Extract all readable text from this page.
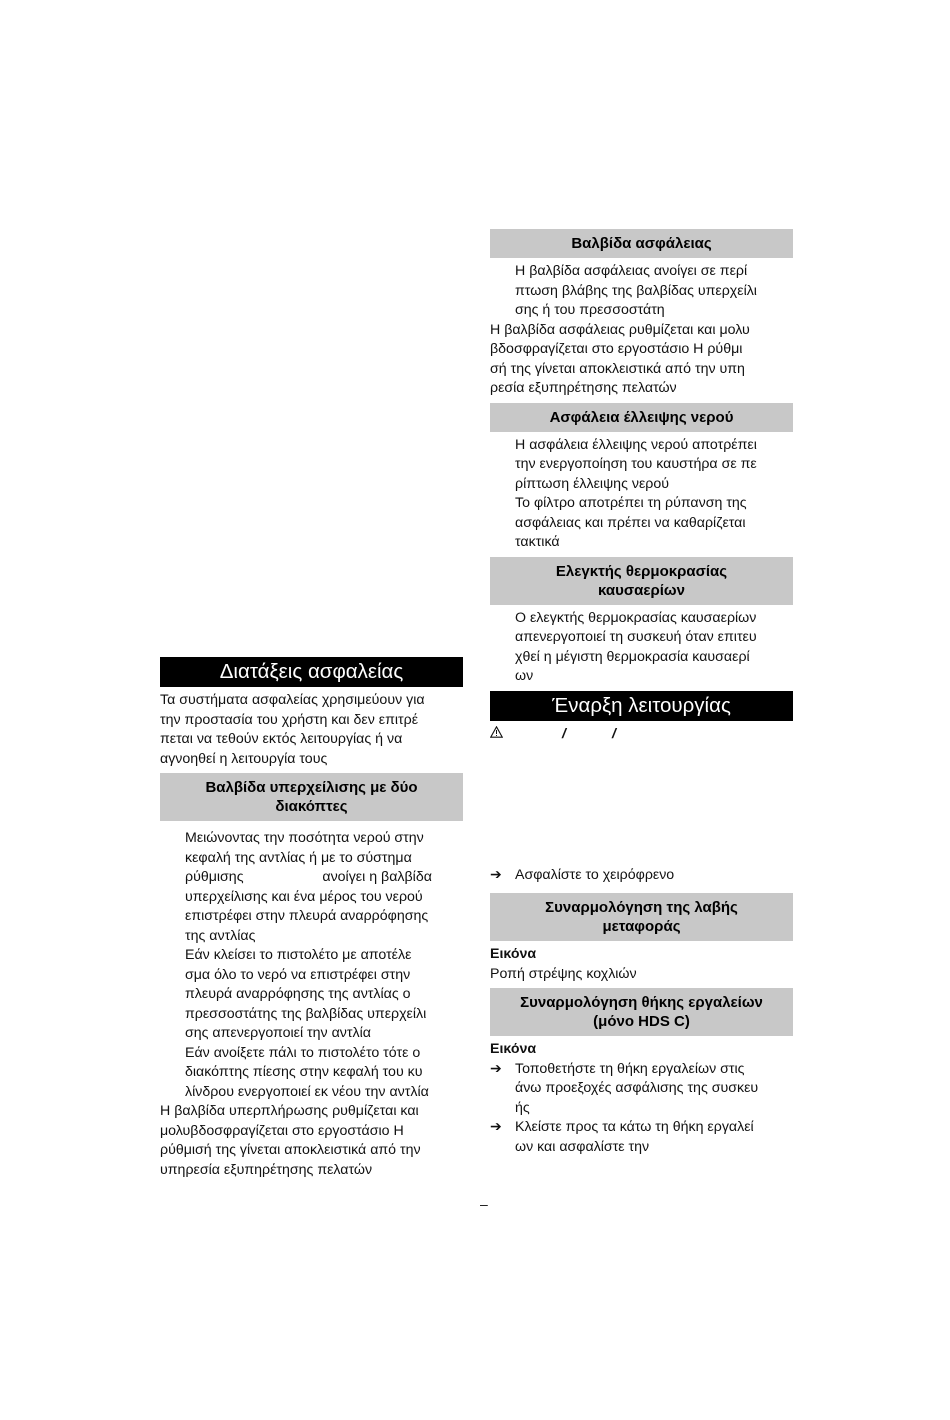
Διατάξεις ασφαλείας

Τα συστήματα ασφαλείας χρησιμεύουν για

την προστασία του χρήστη και δεν επιτρέ

πεται να τεθούν εκτός λειτουργίας ή να

αγνοηθεί η λειτουργία τους

Βαλβίδα υπερχείλισης με δύο
διακόπτες

Μειώνοντας την ποσότητα νερού στην

κεφαλή της αντλίας ή με το σύστημα

ρύθμισης                    ανοίγει η βαλβίδα

υπερχείλισης και ένα μέρος του νερού

επιστρέφει στην πλευρά αναρρόφησης

της αντλίας

Εάν κλείσει το πιστολέτο με αποτέλε

σμα όλο το νερό να επιστρέφει στην

πλευρά αναρρόφησης της αντλίας ο

πρεσσοστάτης της βαλβίδας υπερχείλι

σης απενεργοποιεί την αντλία

Εάν ανοίξετε πάλι το πιστολέτο τότε ο

διακόπτης πίεσης στην κεφαλή του κυ

λίνδρου ενεργοποιεί εκ νέου την αντλία

Η βαλβίδα υπερπλήρωσης ρυθμίζεται και

μολυβδοσφραγίζεται στο εργοστάσιο Η

ρύθμισή της γίνεται αποκλειστικά από την

υπηρεσία εξυπηρέτησης πελατών

Βαλβίδα ασφάλειας

Η βαλβίδα ασφάλειας ανοίγει σε περί

πτωση βλάβης της βαλβίδας υπερχείλι

σης ή του πρεσσοστάτη

Η βαλβίδα ασφάλειας ρυθμίζεται και μολυ

βδοσφραγίζεται στο εργοστάσιο Η ρύθμι

σή της γίνεται αποκλειστικά από την υπη

ρεσία εξυπηρέτησης πελατών

Ασφάλεια έλλειψης νερού

Η ασφάλεια έλλειψης νερού αποτρέπει

την ενεργοποίηση του καυστήρα σε πε

ρίπτωση έλλειψης νερού

Το φίλτρο αποτρέπει τη ρύπανση της

ασφάλειας και πρέπει να καθαρίζεται

τακτικά

Ελεγκτής θερμοκρασίας
καυσαερίων

Ο ελεγκτής θερμοκρασίας καυσαερίων

απενεργοποιεί τη συσκευή όταν επιτευ

χθεί η μέγιστη θερμοκρασία καυσαερί

ων

Έναρξη λειτουργίας
/	/
➔ Ασφαλίστε το χειρόφρενο
Συναρμολόγηση της λαβής
μεταφοράς

Εικόνα

Ροπή στρέψης κοχλιών

Συναρμολόγηση θήκης εργαλείων
(μόνο HDS C)

Εικόνα

➔ Τοποθετήστε τη θήκη εργαλείων στις
άνω προεξοχές ασφάλισης της συσκευ
ής
➔ Κλείστε προς τα κάτω τη θήκη εργαλεί
ων και ασφαλίστε την
–
